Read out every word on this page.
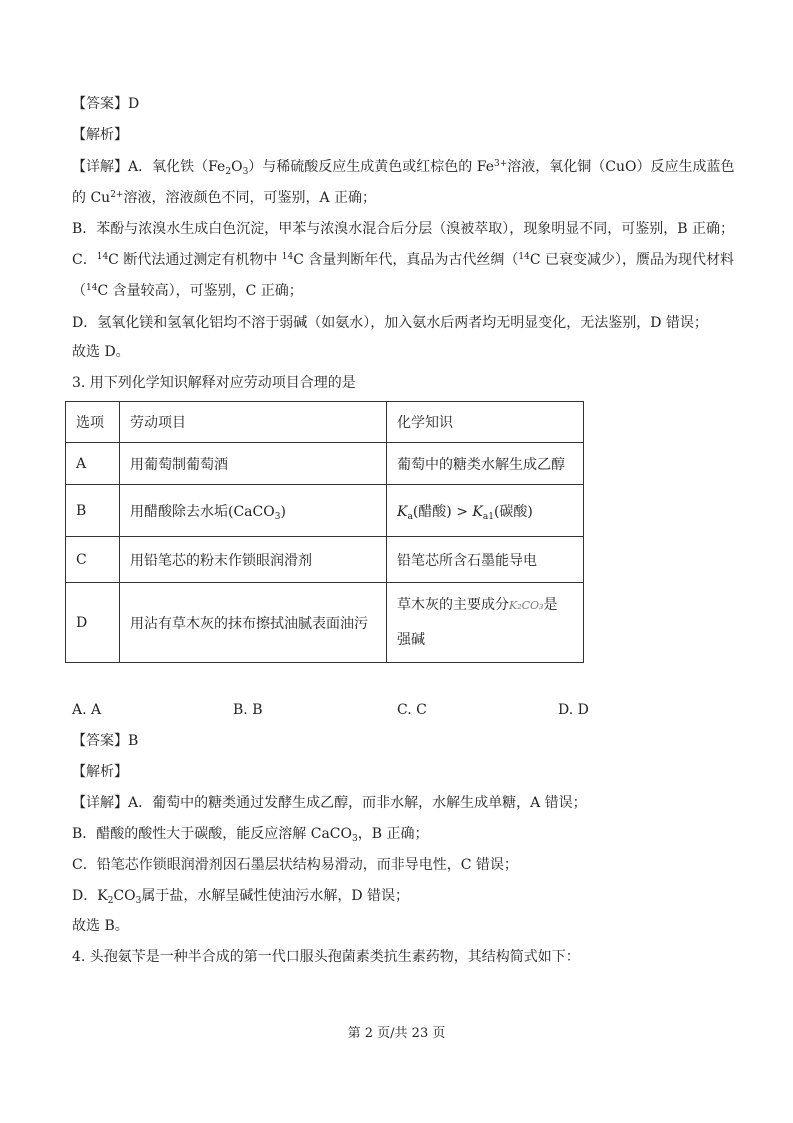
【答案】D
【解析】
【详解】A．氧化铁$(Fe_2O_3)$与稀硫酸反应生成黄色或红棕色的 $Fe^{3+}$溶液，氧化铜（CuO）反应生成蓝色
的 $Cu^{2+}$溶液，溶液颜色不同，可鉴别，A 正确；
B．苯酚与浓溴水生成白色沉淀，甲苯与浓溴水混合后分层（溴被萃取），现象明显不同，可鉴别，B 正确；
C．$^{14}$C 断代法通过测定有机物中 $^{14}$C 含量判断年代，真品为古代丝绸（$^{14}$C 已衰变减少），赝品为现代材料
（$^{14}$C 含量较高），可鉴别，C 正确；
D．氢氧化镁和氢氧化铝均不溶于弱碱（如氨水），加入氨水后两者均无明显变化，无法鉴别，D 错误；
故选 D。
3. 用下列化学知识解释对应劳动项目合理的是
选项	劳动项目	化学知识
A	用葡萄制葡萄酒	葡萄中的糖类水解生成乙醇
B	用醋酸除去水垢(CaCO$_3$)	$K_a$(醋酸) > $K_{a1}$(碳酸)
C	用铅笔芯的粉末作锁眼润滑剂	铅笔芯所含石墨能导电
D	用沾有草木灰的抹布擦拭油腻表面油污	草木灰的主要成分K₂CO₃是
强碱
A. A	B. B	C. C	D. D
【答案】B
【解析】
【详解】A．葡萄中的糖类通过发酵生成乙醇，而非水解，水解生成单糖，A 错误；
B．醋酸的酸性大于碳酸，能反应溶解 CaCO$_3$，B 正确；
C．铅笔芯作锁眼润滑剂因石墨层状结构易滑动，而非导电性，C 错误；
D．$K_2CO_3$属于盐，水解呈碱性使油污水解，D 错误；
故选 B。
4. 头孢氨苄是一种半合成的第一代口服头孢菌素类抗生素药物，其结构简式如下：
第 2 页/共 23 页
